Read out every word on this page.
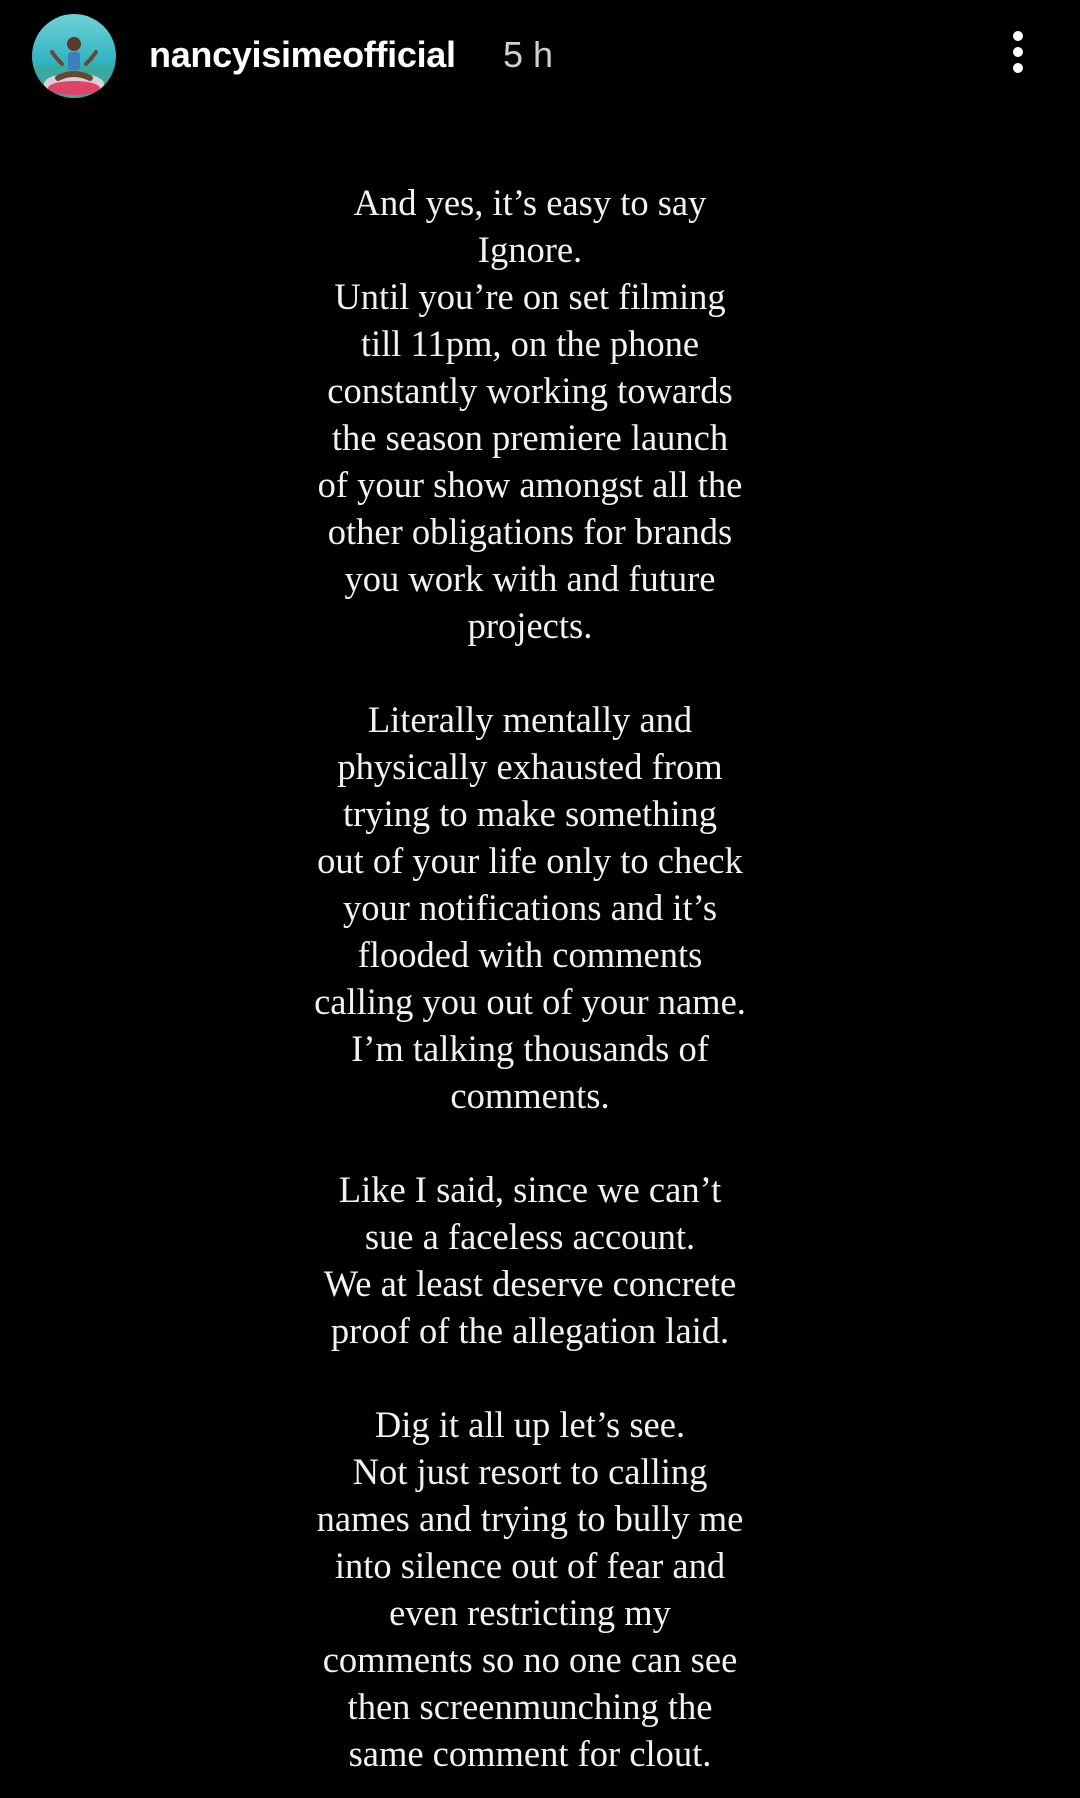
nancyisimeofficial 5 h
And yes, it’s easy to say
Ignore.
Until you’re on set filming
till 11pm, on the phone
constantly working towards
the season premiere launch
of your show amongst all the
other obligations for brands
you work with and future
projects.
Literally mentally and
physically exhausted from
trying to make something
out of your life only to check
your notifications and it’s
flooded with comments
calling you out of your name.
I’m talking thousands of
comments.
Like I said, since we can’t
sue a faceless account.
We at least deserve concrete
proof of the allegation laid.
Dig it all up let’s see.
Not just resort to calling
names and trying to bully me
into silence out of fear and
even restricting my
comments so no one can see
then screenmunching the
same comment for clout.
